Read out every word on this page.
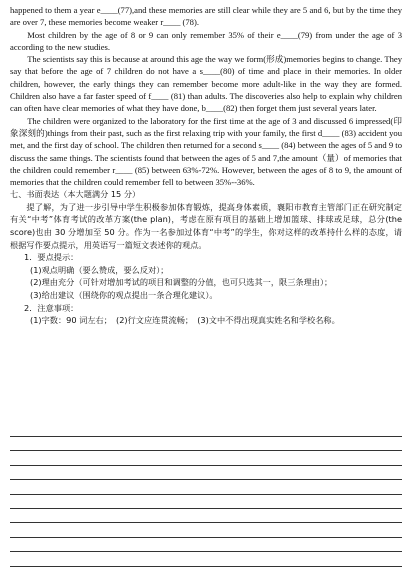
happened to them a year e____(77),and these memories are still clear while they are 5 and 6, but by the time they are over 7, these memories become weaker r____ (78).

Most children by the age of 8 or 9 can only remember 35% of their e____(79) from under the age of 3 according to the new studies.

The scientists say this is because at around this age the way we form(形成)memories begins to change. They say that before the age of 7 children do not have a s____(80) of time and place in their memories. In older children, however, the early things they can remember become more adult-like in the way they are formed. Children also have a far faster speed of f____ (81) than adults. The discoveries also help to explain why children can often have clear memories of what they have done, b____(82) then forget them just several years later.

The children were organized to the laboratory for the first time at the age of 3 and discussed 6 impressed(印象深刻的)things from their past, such as the first relaxing trip with your family, the first d____ (83) accident you met, and the first day of school. The children then returned for a second s____ (84) between the ages of 5 and 9 to discuss the same things. The scientists found that between the ages of 5 and 7,the amount（量）of memories that the children could remember r____ (85) between 63%-72%. However, between the ages of 8 to 9, the amount of memories that the children could remember fell to between 35%--36%.

七、书面表达（本大题满分 15 分）

提了解，为了进一步引导中学生积极参加体育锻炼，提高身体素质，襄阳市教育主管部门正在研究制定有关“中考”体育考试的改革方案(the plan)，考虑在原有项目的基础上增加篮球、排球或足球，总分(the score)也由 30 分增加至 50 分。作为一名参加过体育“中考”的学生，你对这样的改革持什么样的态度，请根据写作要点提示，用英语写一篇短文表述你的观点。

1．要点提示：

(1)观点明确（要么赞成，要么反对）；

(2)理由充分（可针对增加考试的项目和调整的分值，也可只选其一，限三条理由）；

(3)给出建议（围绕你的观点提出一条合理化建议）。

2．注意事项：

(1)字数：90 词左右；　(2)行文应连贯流畅；　(3)文中不得出现真实姓名和学校名称。
